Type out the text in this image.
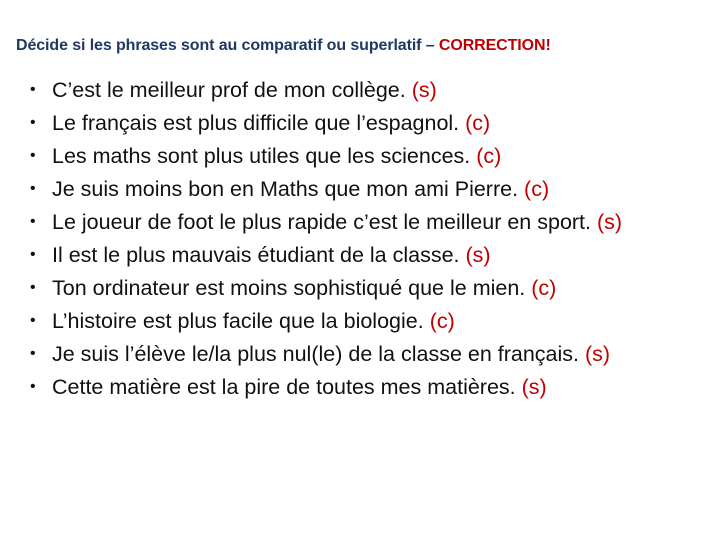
Décide si les phrases sont au comparatif ou superlatif – CORRECTION!
• C’est le meilleur prof de mon collège. (s)
• Le français est plus difficile que l’espagnol. (c)
• Les maths sont plus utiles que les sciences. (c)
• Je suis moins bon en Maths que mon ami Pierre. (c)
• Le joueur de foot le plus rapide c’est le meilleur en sport. (s)
• Il est le plus mauvais étudiant de la classe. (s)
• Ton ordinateur est moins sophistiqué que le mien. (c)
• L’histoire est plus facile que la biologie. (c)
• Je suis l’élève le/la plus nul(le) de la classe en français. (s)
• Cette matière est la pire de toutes mes matières. (s)
